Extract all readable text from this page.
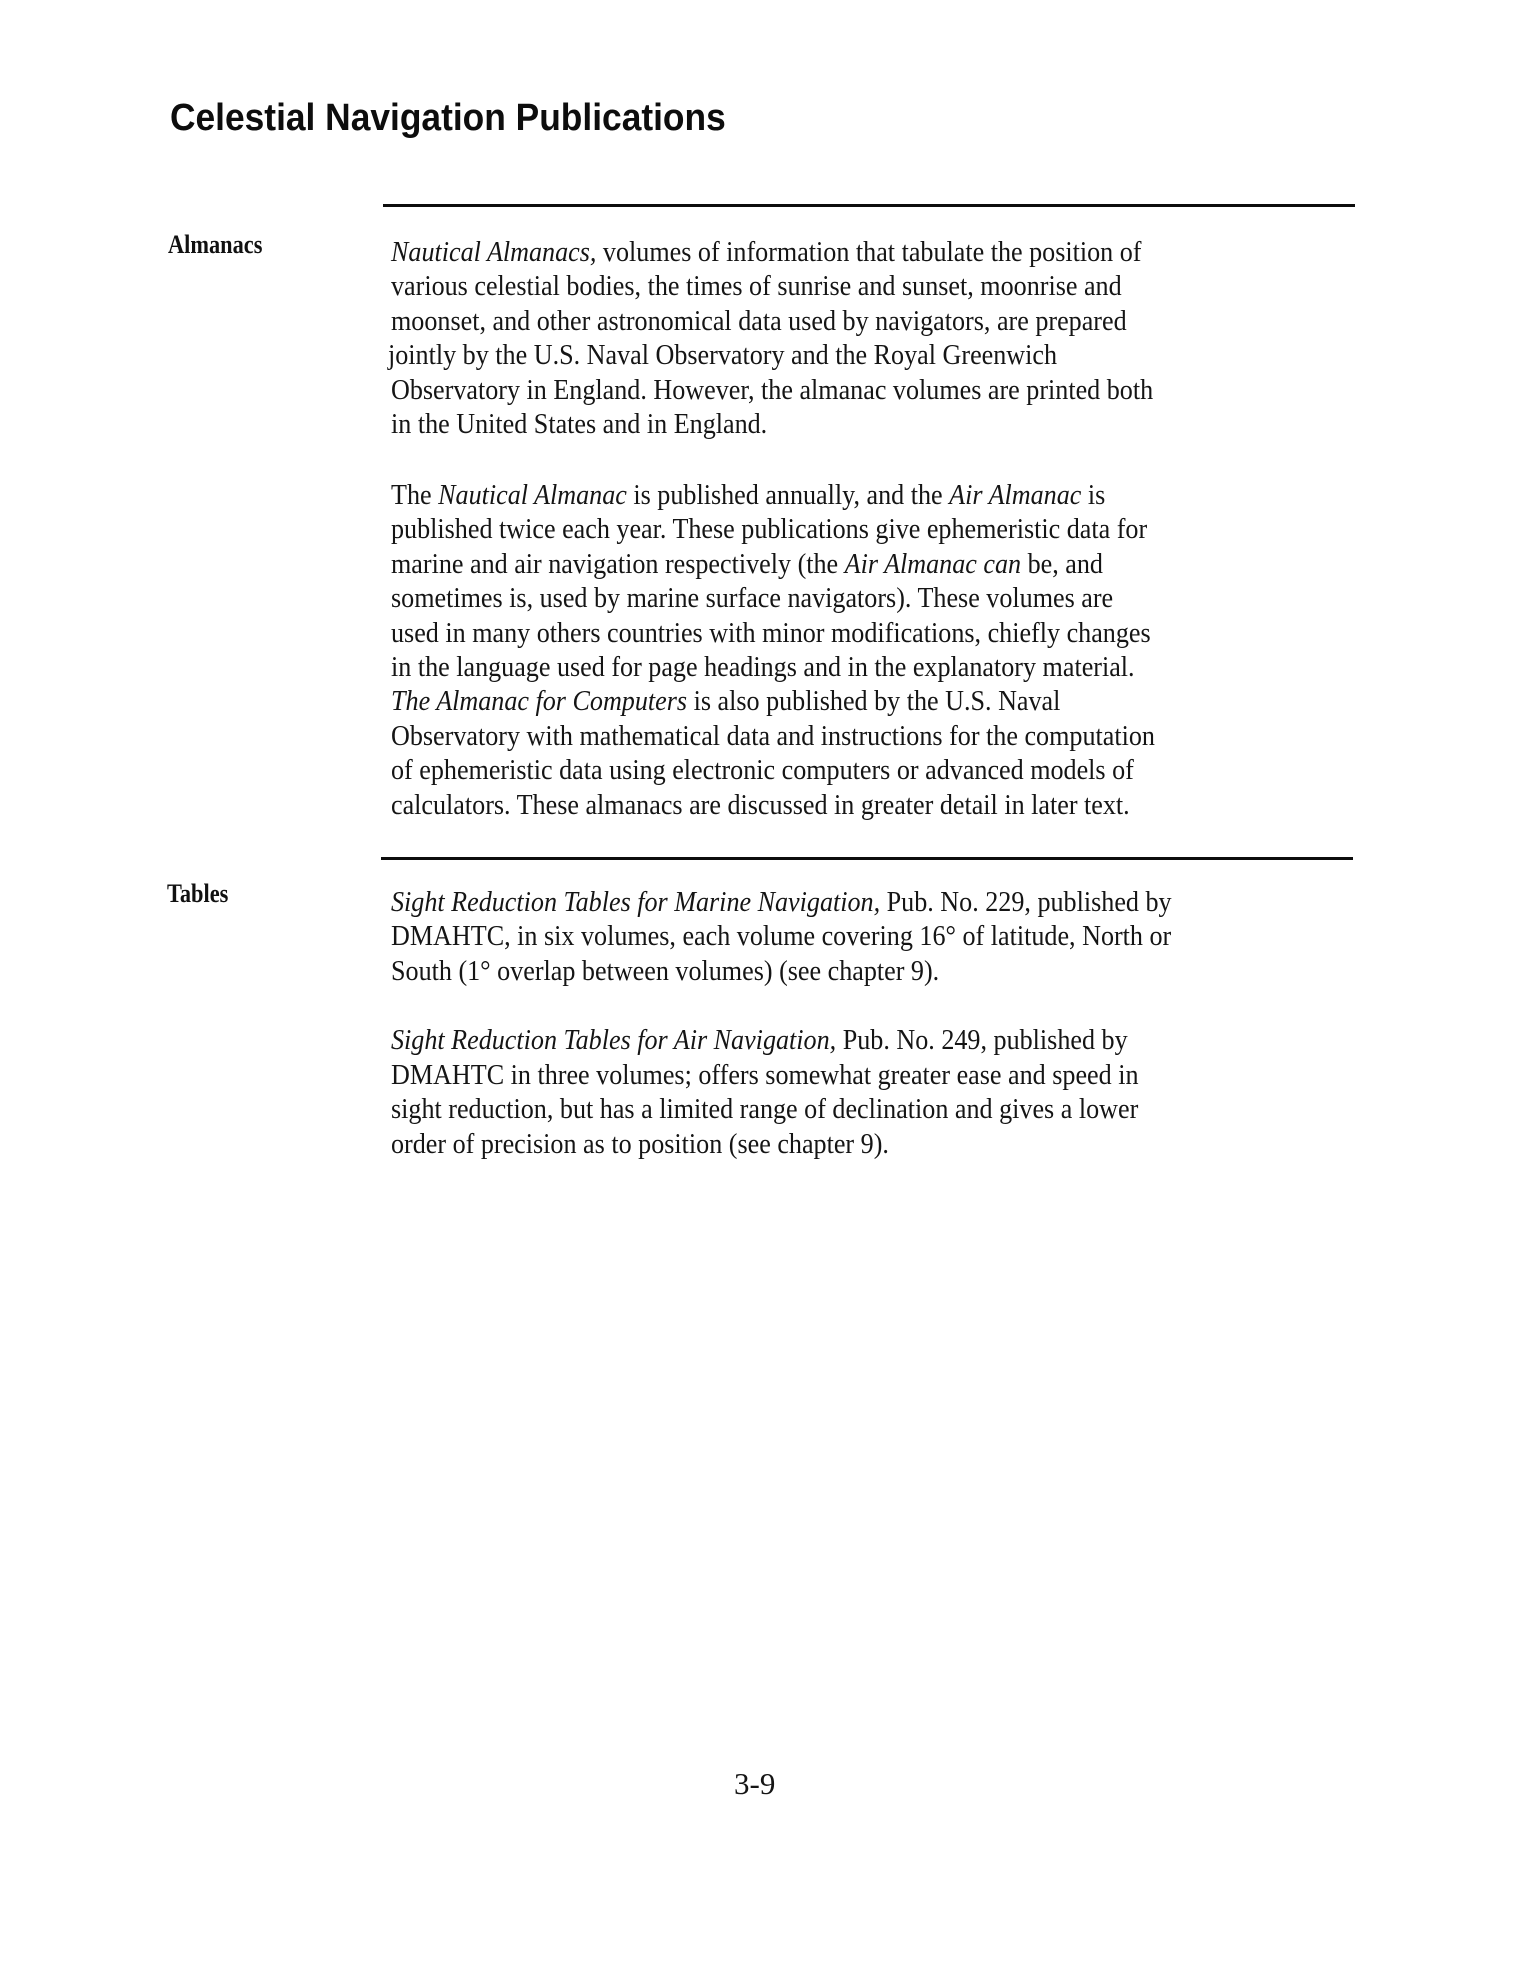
Celestial Navigation Publications
Almanacs	Nautical Almanacs, volumes of information that tabulate the position of
various celestial bodies, the times of sunrise and sunset, moonrise and
moonset, and other astronomical data used by navigators, are prepared
jointly by the U.S. Naval Observatory and the Royal Greenwich
Observatory in England. However, the almanac volumes are printed both
in the United States and in England.
The Nautical Almanac is published annually, and the Air Almanac is
published twice each year. These publications give ephemeristic data for
marine and air navigation respectively (the Air Almanac can be, and
sometimes is, used by marine surface navigators). These volumes are
used in many others countries with minor modifications, chiefly changes
in the language used for page headings and in the explanatory material.
The Almanac for Computers is also published by the U.S. Naval
Observatory with mathematical data and instructions for the computation
of ephemeristic data using electronic computers or advanced models of
calculators. These almanacs are discussed in greater detail in later text.
Tables	Sight Reduction Tables for Marine Navigation, Pub. No. 229, published by
DMAHTC, in six volumes, each volume covering 16° of latitude, North or
South (1° overlap between volumes) (see chapter 9).
Sight Reduction Tables for Air Navigation, Pub. No. 249, published by
DMAHTC in three volumes; offers somewhat greater ease and speed in
sight reduction, but has a limited range of declination and gives a lower
order of precision as to position (see chapter 9).
3-9
